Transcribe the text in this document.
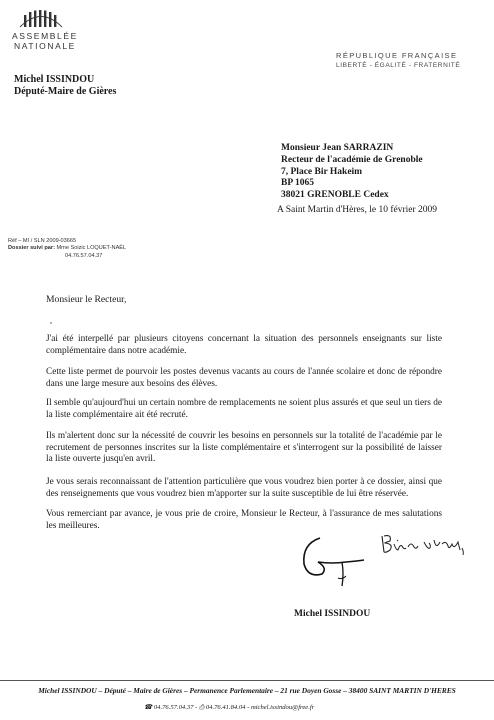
ASSEMBLÉE
NATIONALE
Michel ISSINDOU
Député-Maire de Gières
RÉPUBLIQUE FRANÇAISE
LIBERTÉ - ÉGALITÉ - FRATERNITÉ
Monsieur Jean SARRAZIN
Recteur de l'académie de Grenoble
7, Place Bir Hakeim
BP 1065
38021 GRENOBLE Cedex
A Saint Martin d'Hères, le 10 février 2009
Réf – MI / SLN 2009-03665
Dossier suivi par: Mme Soizic LOQUET-NAËL
04.76.57.04.37
Monsieur le Recteur,
J'ai été interpellé par plusieurs citoyens concernant la situation des personnels enseignants sur liste complémentaire dans notre académie.
Cette liste permet de pourvoir les postes devenus vacants au cours de l'année scolaire et donc de répondre dans une large mesure aux besoins des élèves.
Il semble qu'aujourd'hui un certain nombre de remplacements ne soient plus assurés et que seul un tiers de la liste complémentaire ait été recruté.
Ils m'alertent donc sur la nécessité de couvrir les besoins en personnels sur la totalité de l'académie par le recrutement de personnes inscrites sur la liste complémentaire et s'interrogent sur la possibilité de laisser la liste ouverte jusqu'en avril.
Je vous serais reconnaissant de l'attention particulière que vous voudrez bien porter à ce dossier, ainsi que des renseignements que vous voudrez bien m'apporter sur la suite susceptible de lui être réservée.
Vous remerciant par avance, je vous prie de croire, Monsieur le Recteur, à l'assurance de mes salutations les meilleures.
Michel ISSINDOU
Michel ISSINDOU – Député – Maire de Gières – Permanence Parlementaire – 21 rue Doyen Gosse – 38400 SAINT MARTIN D'HERES
☎ 04.76.57.04.37 - ⎙ 04.76.41.84.04 - michel.issindou@free.fr
